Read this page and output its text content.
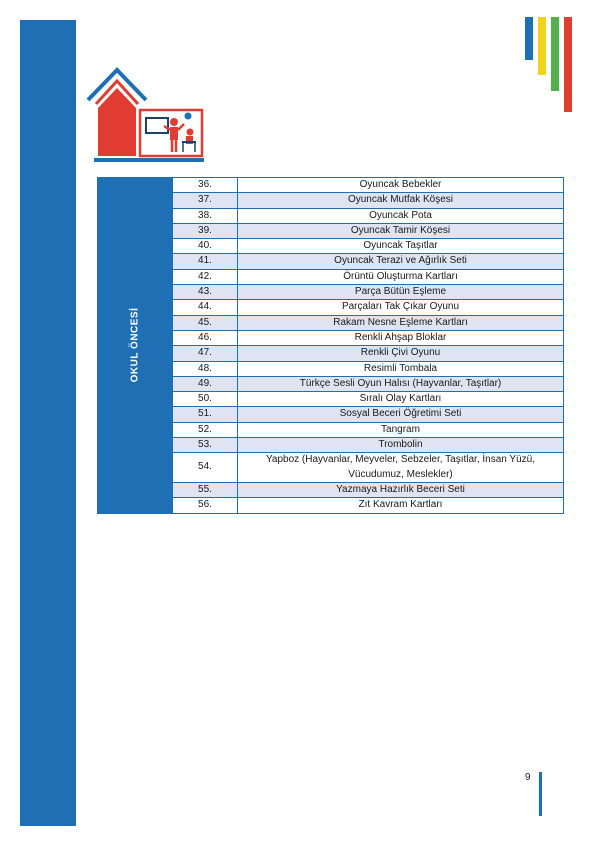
OKUL ÖNCESİ
36.	Oyuncak Bebekler
37.	Oyuncak Mutfak Köşesi
38.	Oyuncak Pota
39.	Oyuncak Tamir Köşesi
40.	Oyuncak Taşıtlar
41.	Oyuncak Terazi ve Ağırlık Seti
42.	Örüntü Oluşturma Kartları
43.	Parça Bütün Eşleme
44.	Parçaları Tak Çıkar Oyunu
45.	Rakam Nesne Eşleme Kartları
46.	Renkli Ahşap Bloklar
47.	Renkli Çivi Oyunu
48.	Resimli Tombala
49.	Türkçe Sesli Oyun Halısı (Hayvanlar, Taşıtlar)
50.	Sıralı Olay Kartları
51.	Sosyal Beceri Öğretimi Seti
52.	Tangram
53.	Trombolin
54.	Yapboz (Hayvanlar, Meyveler, Sebzeler, Taşıtlar, İnsan Yüzü, Vücudumuz, Meslekler)
55.	Yazmaya Hazırlık Beceri Seti
56.	Zıt Kavram Kartları
9
